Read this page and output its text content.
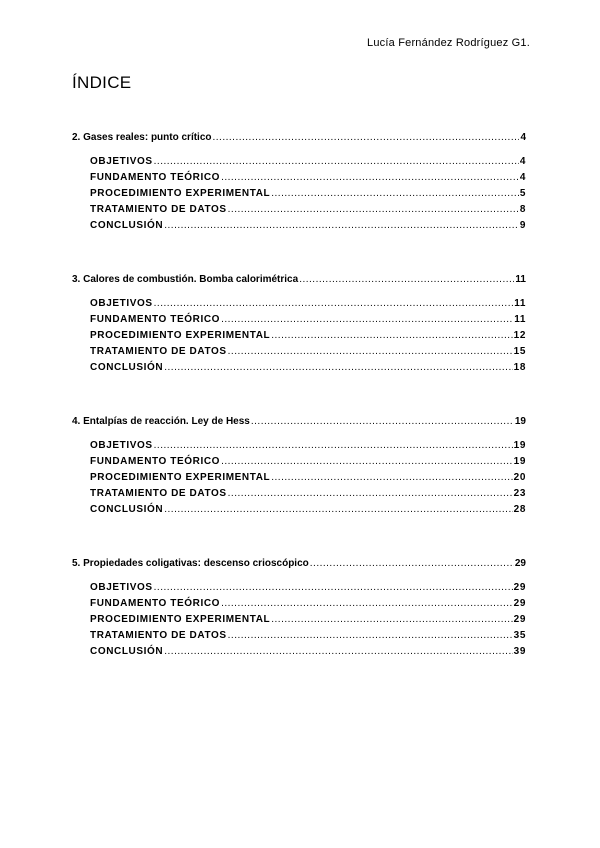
Lucía Fernández Rodríguez G1.
ÍNDICE
2. Gases reales: punto crítico .....	4
OBJETIVOS .....	4
FUNDAMENTO TEÓRICO .....	4
PROCEDIMIENTO EXPERIMENTAL .....	5
TRATAMIENTO DE DATOS .....	8
CONCLUSIÓN .....	9
3. Calores de combustión. Bomba calorimétrica .....	11
OBJETIVOS .....	11
FUNDAMENTO TEÓRICO .....	11
PROCEDIMIENTO EXPERIMENTAL .....	12
TRATAMIENTO DE DATOS .....	15
CONCLUSIÓN .....	18
4. Entalpías de reacción. Ley de Hess .....	19
OBJETIVOS .....	19
FUNDAMENTO TEÓRICO .....	19
PROCEDIMIENTO EXPERIMENTAL .....	20
TRATAMIENTO DE DATOS .....	23
CONCLUSIÓN .....	28
5. Propiedades coligativas: descenso crioscópico .....	29
OBJETIVOS .....	29
FUNDAMENTO TEÓRICO .....	29
PROCEDIMIENTO EXPERIMENTAL .....	29
TRATAMIENTO DE DATOS .....	35
CONCLUSIÓN .....	39
